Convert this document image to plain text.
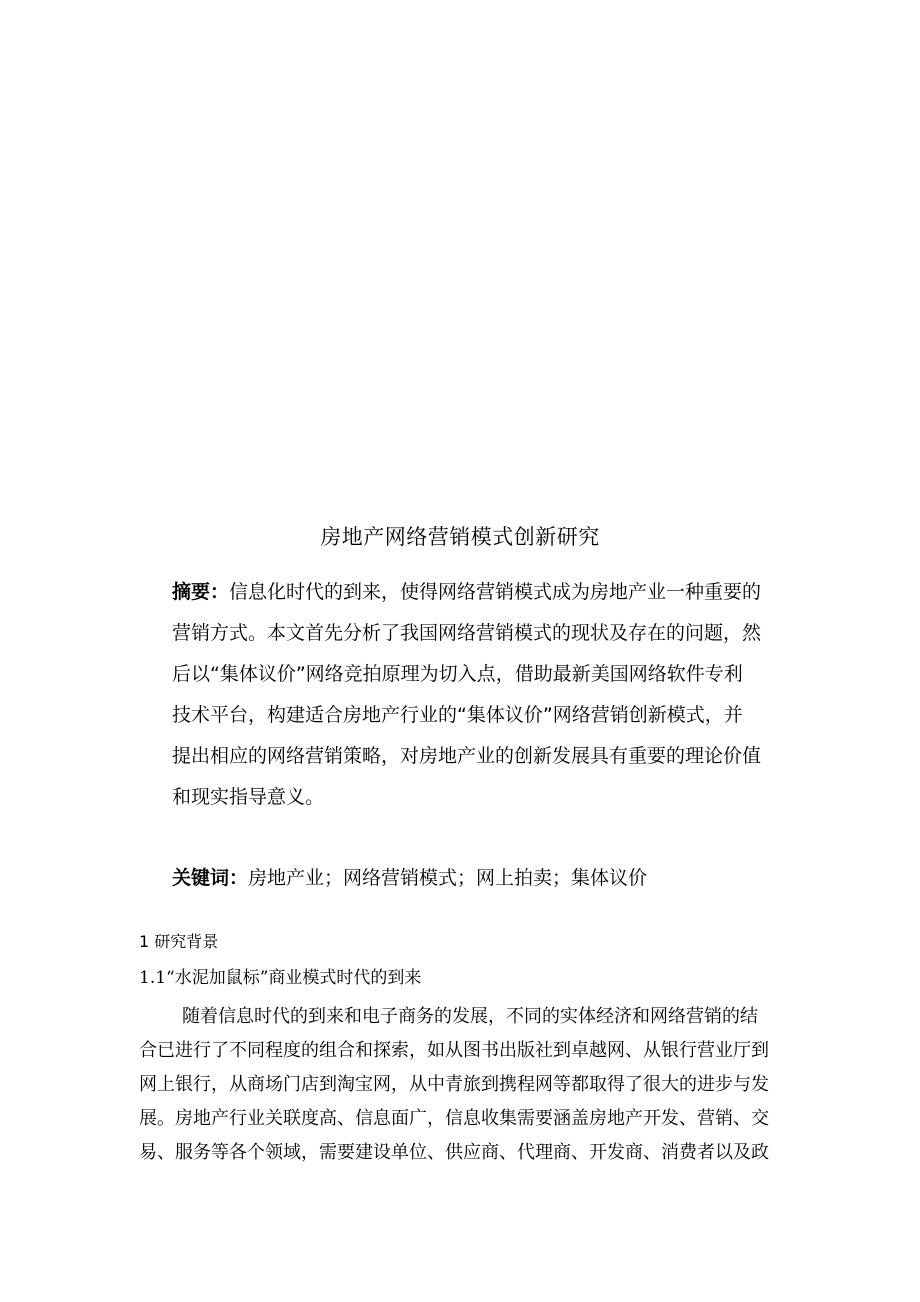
房地产网络营销模式创新研究
摘要：信息化时代的到来，使得网络营销模式成为房地产业一种重要的
营销方式。本文首先分析了我国网络营销模式的现状及存在的问题，然
后以“集体议价”网络竞拍原理为切入点，借助最新美国网络软件专利
技术平台，构建适合房地产行业的“集体议价”网络营销创新模式，并
提出相应的网络营销策略，对房地产业的创新发展具有重要的理论价值
和现实指导意义。
关键词：房地产业；网络营销模式；网上拍卖；集体议价
1 研究背景
1.1“水泥加鼠标”商业模式时代的到来
随着信息时代的到来和电子商务的发展，不同的实体经济和网络营销的结
合已进行了不同程度的组合和探索，如从图书出版社到卓越网、从银行营业厅到
网上银行，从商场门店到淘宝网，从中青旅到携程网等都取得了很大的进步与发
展。房地产行业关联度高、信息面广，信息收集需要涵盖房地产开发、营销、交
易、服务等各个领域，需要建设单位、供应商、代理商、开发商、消费者以及政
